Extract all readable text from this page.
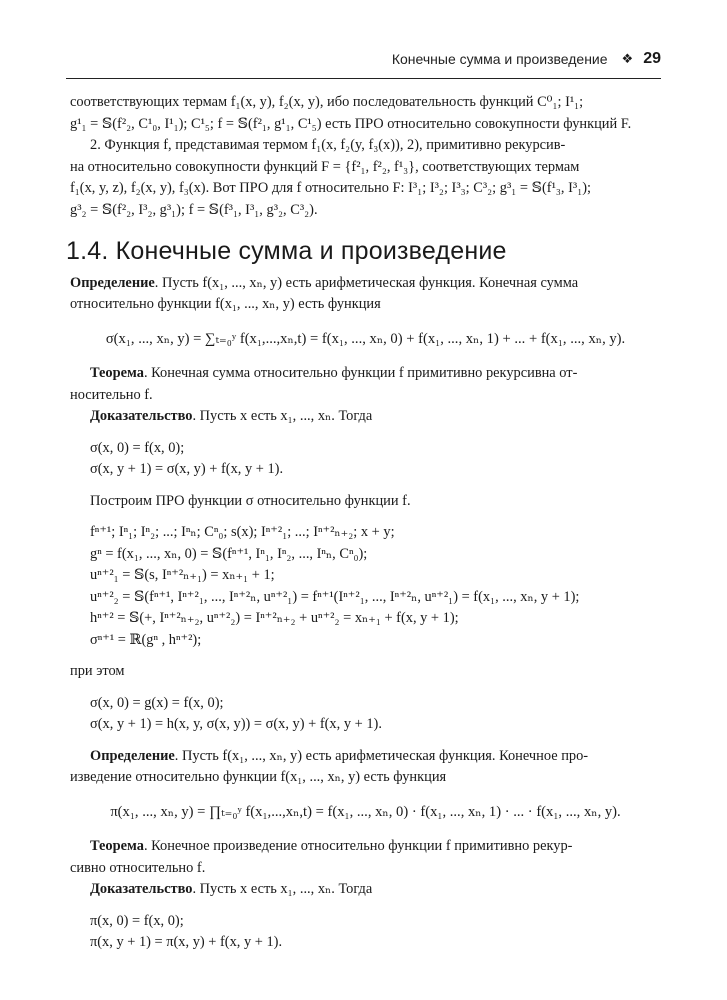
Конечные сумма и произведение ❖ 29

соответствующих термам f₁(x, y), f₂(x, y), ибо последовательность функций C⁰₁; I¹₁;

g¹₁ = 𝕊(f²₂, C¹₀, I¹₁); C¹₅; f = 𝕊(f²₁, g¹₁, C¹₅) есть ПРО относительно совокупности функций F.

2. Функция f, представимая термом f₁(x, f₂(y, f₃(x)), 2), примитивно рекурсив-

на относительно совокупности функций F = {f²₁, f²₂, f¹₃}, соответствующих термам

f₁(x, y, z), f₂(x, y), f₃(x). Вот ПРО для f относительно F: I³₁; I³₂; I³₃; C³₂; g³₁ = 𝕊(f¹₃, I³₁);

g³₂ = 𝕊(f²₂, I³₂, g³₁); f = 𝕊(f³₁, I³₁, g³₂, C³₂).

1.4. Конечные сумма и произведение

Определение. Пусть f(x₁, ..., xₙ, y) есть арифметическая функция. Конечная сумма

относительно функции f(x₁, ..., xₙ, y) есть функция

σ(x₁, ..., xₙ, y) = ∑ₜ₌₀ʸ f(x₁,...,xₙ,t) = f(x₁, ..., xₙ, 0) + f(x₁, ..., xₙ, 1) + ... + f(x₁, ..., xₙ, y).

Теорема. Конечная сумма относительно функции f примитивно рекурсивна от-

носительно f.

Доказательство. Пусть x есть x₁, ..., xₙ. Тогда

σ(x, 0) = f(x, 0);

σ(x, y + 1) = σ(x, y) + f(x, y + 1).

Построим ПРО функции σ относительно функции f.

fⁿ⁺¹; Iⁿ₁; Iⁿ₂; ...; Iⁿₙ; Cⁿ₀; s(x); Iⁿ⁺²₁; ...; Iⁿ⁺²ₙ₊₂; x + y;

gⁿ = f(x₁, ..., xₙ, 0) = 𝕊(fⁿ⁺¹, Iⁿ₁, Iⁿ₂, ..., Iⁿₙ, Cⁿ₀);

uⁿ⁺²₁ = 𝕊(s, Iⁿ⁺²ₙ₊₁) = xₙ₊₁ + 1;

uⁿ⁺²₂ = 𝕊(fⁿ⁺¹, Iⁿ⁺²₁, ..., Iⁿ⁺²ₙ, uⁿ⁺²₁) = fⁿ⁺¹(Iⁿ⁺²₁, ..., Iⁿ⁺²ₙ, uⁿ⁺²₁) = f(x₁, ..., xₙ, y + 1);

hⁿ⁺² = 𝕊(+, Iⁿ⁺²ₙ₊₂, uⁿ⁺²₂) = Iⁿ⁺²ₙ₊₂ + uⁿ⁺²₂ = xₙ₊₁ + f(x, y + 1);

σⁿ⁺¹ = ℝ(gⁿ , hⁿ⁺²);

при этом

σ(x, 0) = g(x) = f(x, 0);

σ(x, y + 1) = h(x, y, σ(x, y)) = σ(x, y) + f(x, y + 1).

Определение. Пусть f(x₁, ..., xₙ, y) есть арифметическая функция. Конечное про-

изведение относительно функции f(x₁, ..., xₙ, y) есть функция

π(x₁, ..., xₙ, y) = ∏ₜ₌₀ʸ f(x₁,...,xₙ,t) = f(x₁, ..., xₙ, 0) · f(x₁, ..., xₙ, 1) · ... · f(x₁, ..., xₙ, y).

Теорема. Конечное произведение относительно функции f примитивно рекур-

сивно относительно f.

Доказательство. Пусть x есть x₁, ..., xₙ. Тогда

π(x, 0) = f(x, 0);

π(x, y + 1) = π(x, y) + f(x, y + 1).
